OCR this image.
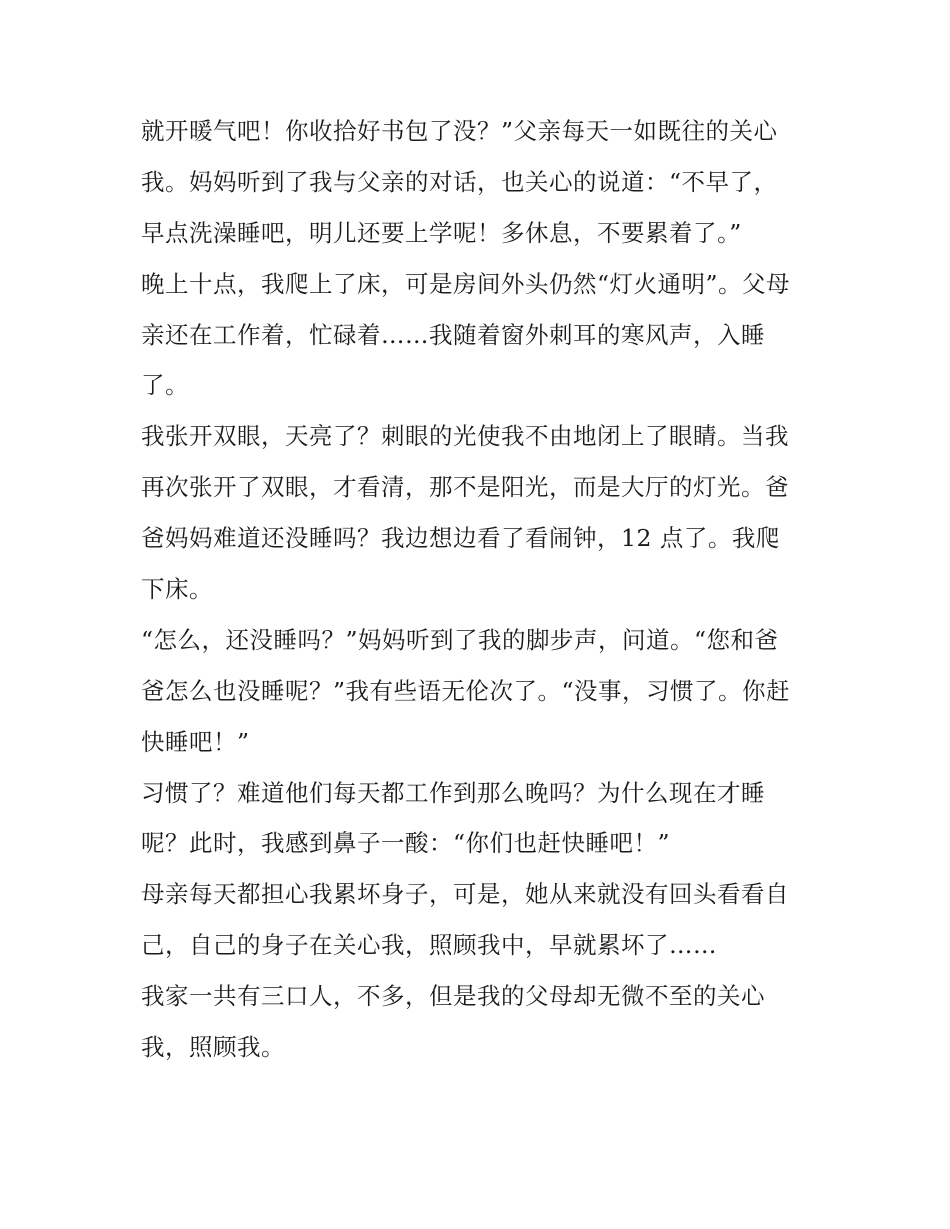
就开暖气吧！你收拾好书包了没？”父亲每天一如既往的关心

我。妈妈听到了我与父亲的对话，也关心的说道：“不早了，

早点洗澡睡吧，明儿还要上学呢！多休息，不要累着了。”

晚上十点，我爬上了床，可是房间外头仍然“灯火通明”。父母

亲还在工作着，忙碌着……我随着窗外刺耳的寒风声，入睡

了。

我张开双眼，天亮了？刺眼的光使我不由地闭上了眼睛。当我

再次张开了双眼，才看清，那不是阳光，而是大厅的灯光。爸

爸妈妈难道还没睡吗？我边想边看了看闹钟，12 点了。我爬

下床。

“怎么，还没睡吗？”妈妈听到了我的脚步声，问道。“您和爸

爸怎么也没睡呢？”我有些语无伦次了。“没事，习惯了。你赶

快睡吧！”

习惯了？难道他们每天都工作到那么晚吗？为什么现在才睡

呢？此时，我感到鼻子一酸：“你们也赶快睡吧！”

母亲每天都担心我累坏身子，可是，她从来就没有回头看看自

己，自己的身子在关心我，照顾我中，早就累坏了……

我家一共有三口人，不多，但是我的父母却无微不至的关心

我，照顾我。
